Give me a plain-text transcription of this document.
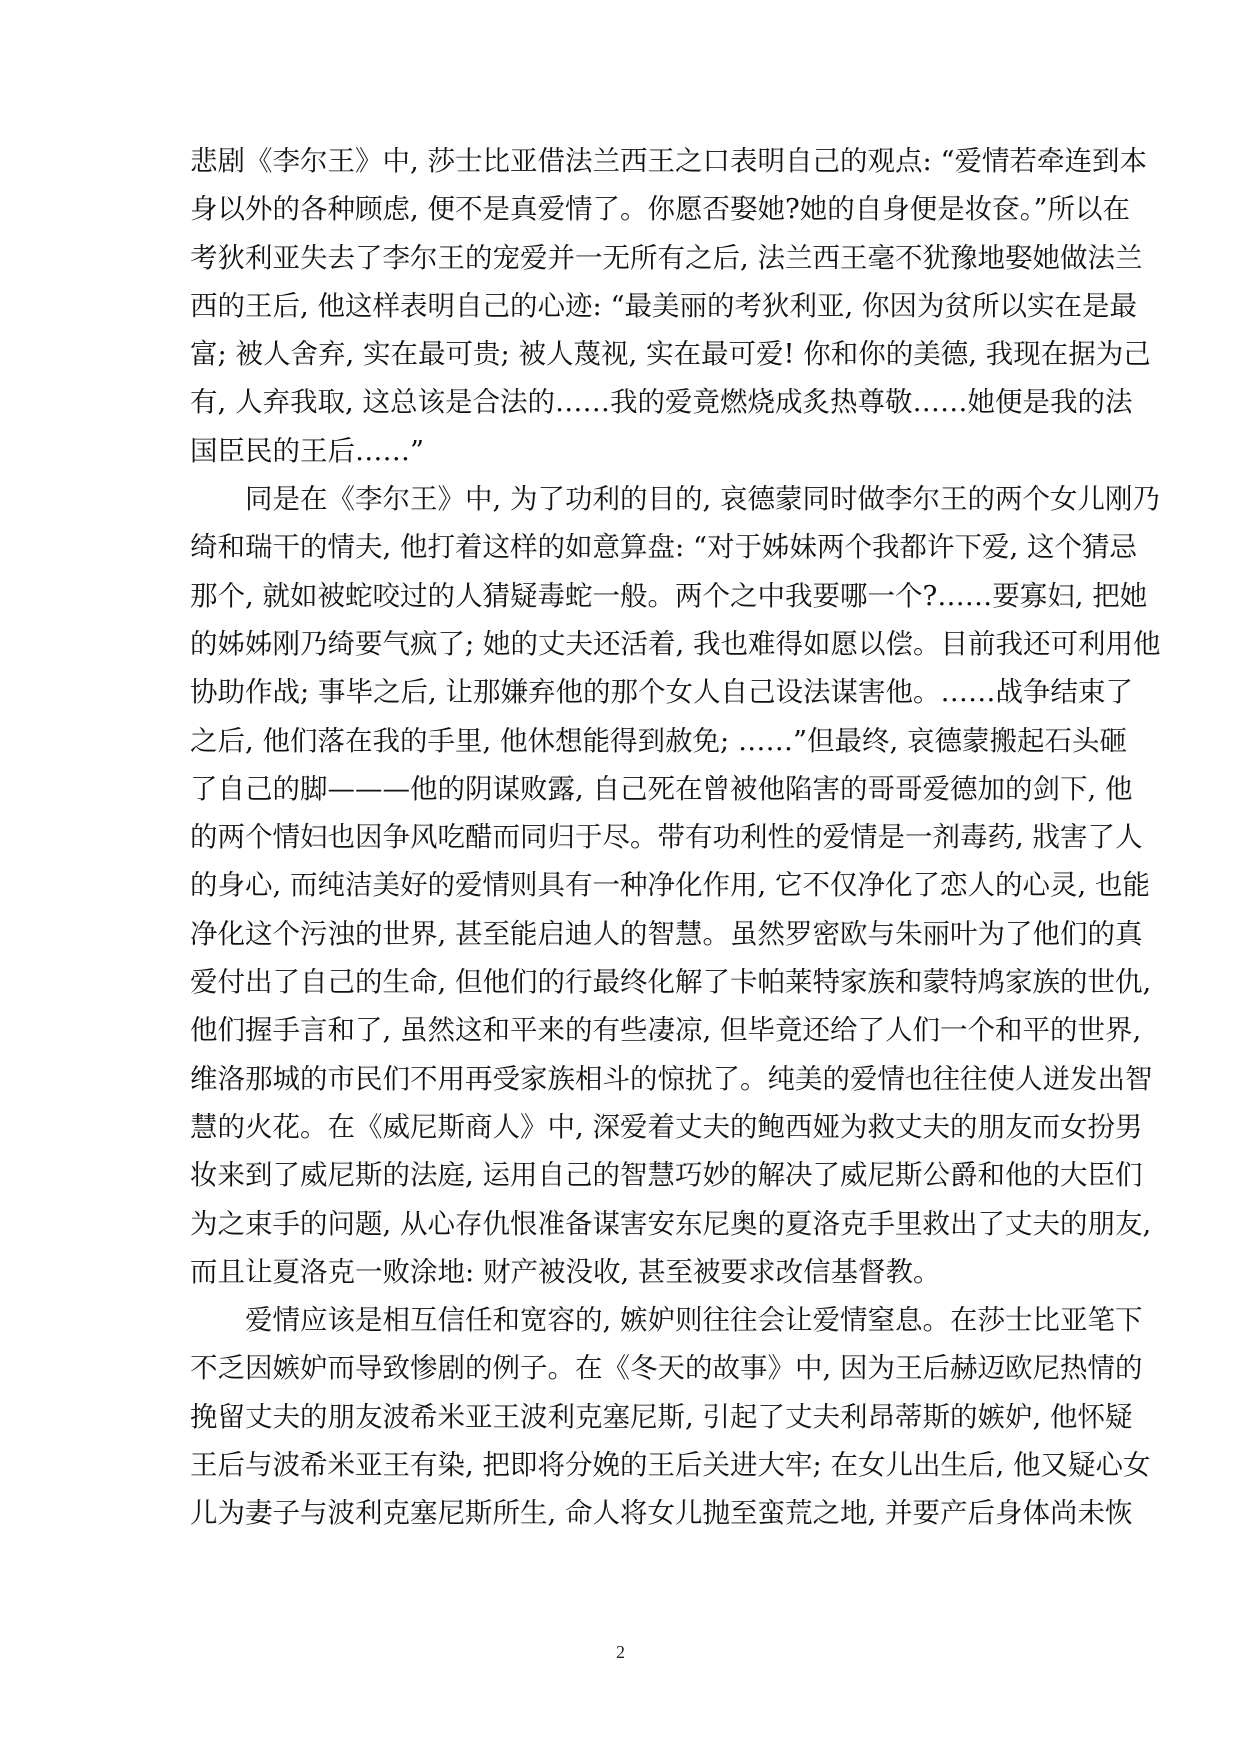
悲剧《李尔王》中, 莎士比亚借法兰西王之口表明自己的观点: “爱情若牵连到本
身以外的各种顾虑, 便不是真爱情了。你愿否娶她?她的自身便是妆奁。”所以在
考狄利亚失去了李尔王的宠爱并一无所有之后, 法兰西王毫不犹豫地娶她做法兰
西的王后, 他这样表明自己的心迹: “最美丽的考狄利亚, 你因为贫所以实在是最
富; 被人舍弃, 实在最可贵; 被人蔑视, 实在最可爱! 你和你的美德, 我现在据为己
有, 人弃我取, 这总该是合法的……我的爱竟燃烧成炙热尊敬……她便是我的法
国臣民的王后……”
同是在《李尔王》中, 为了功利的目的, 哀德蒙同时做李尔王的两个女儿刚乃
绮和瑞干的情夫, 他打着这样的如意算盘: “对于姊妹两个我都许下爱, 这个猜忌
那个, 就如被蛇咬过的人猜疑毒蛇一般。两个之中我要哪一个?……要寡妇, 把她
的姊姊刚乃绮要气疯了; 她的丈夫还活着, 我也难得如愿以偿。目前我还可利用他
协助作战; 事毕之后, 让那嫌弃他的那个女人自己设法谋害他。……战争结束了
之后, 他们落在我的手里, 他休想能得到赦免; ……”但最终, 哀德蒙搬起石头砸
了自己的脚———他的阴谋败露, 自己死在曾被他陷害的哥哥爱德加的剑下, 他
的两个情妇也因争风吃醋而同归于尽。带有功利性的爱情是一剂毒药, 戕害了人
的身心, 而纯洁美好的爱情则具有一种净化作用, 它不仅净化了恋人的心灵, 也能
净化这个污浊的世界, 甚至能启迪人的智慧。虽然罗密欧与朱丽叶为了他们的真
爱付出了自己的生命, 但他们的行最终化解了卡帕莱特家族和蒙特鸠家族的世仇,
他们握手言和了, 虽然这和平来的有些凄凉, 但毕竟还给了人们一个和平的世界,
维洛那城的市民们不用再受家族相斗的惊扰了。纯美的爱情也往往使人迸发出智
慧的火花。在《威尼斯商人》中, 深爱着丈夫的鲍西娅为救丈夫的朋友而女扮男
妆来到了威尼斯的法庭, 运用自己的智慧巧妙的解决了威尼斯公爵和他的大臣们
为之束手的问题, 从心存仇恨准备谋害安东尼奥的夏洛克手里救出了丈夫的朋友,
而且让夏洛克一败涂地: 财产被没收, 甚至被要求改信基督教。
爱情应该是相互信任和宽容的, 嫉妒则往往会让爱情窒息。在莎士比亚笔下
不乏因嫉妒而导致惨剧的例子。在《冬天的故事》中, 因为王后赫迈欧尼热情的
挽留丈夫的朋友波希米亚王波利克塞尼斯, 引起了丈夫利昂蒂斯的嫉妒, 他怀疑
王后与波希米亚王有染, 把即将分娩的王后关进大牢; 在女儿出生后, 他又疑心女
儿为妻子与波利克塞尼斯所生, 命人将女儿抛至蛮荒之地, 并要产后身体尚未恢
2
